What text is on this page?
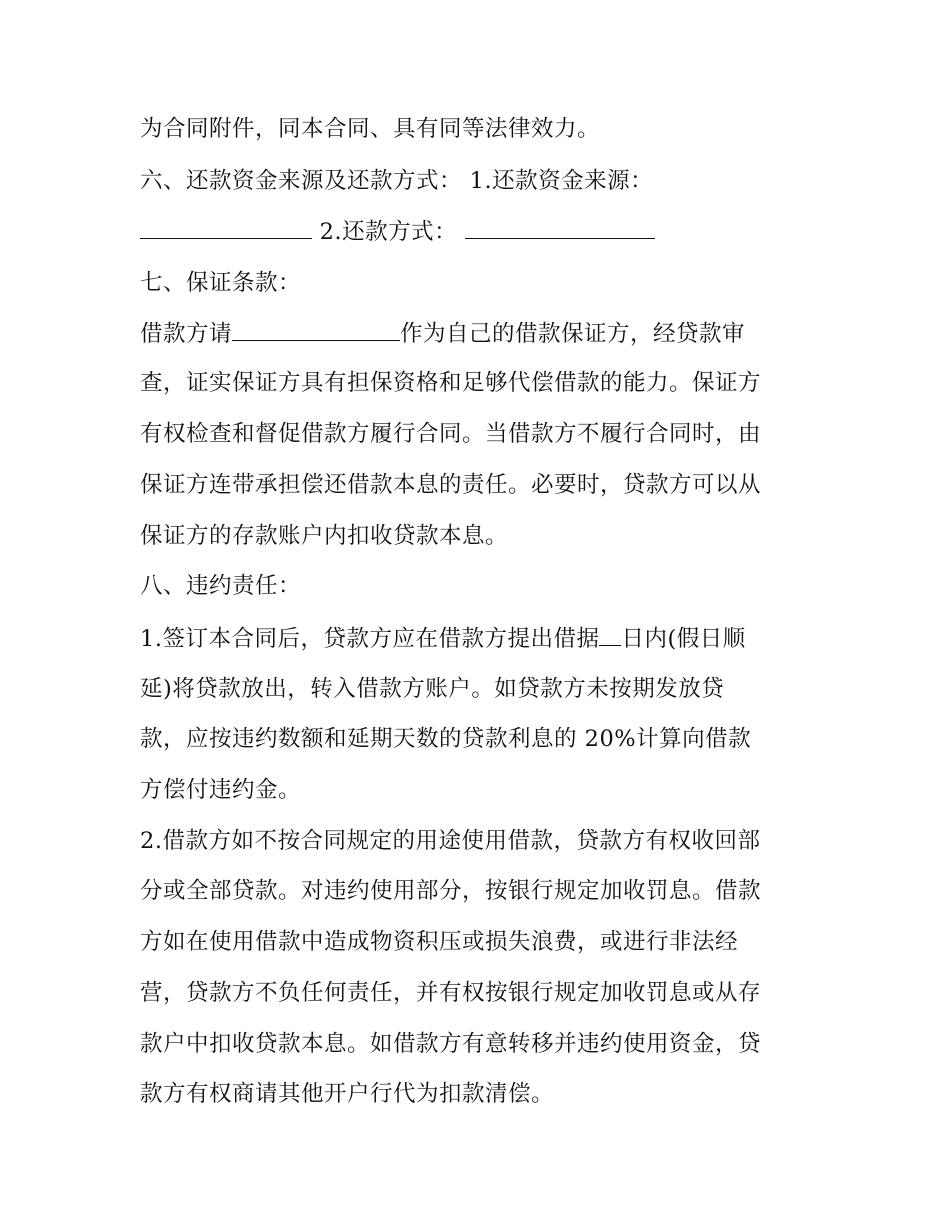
为合同附件，同本合同、具有同等法律效力。
六、还款资金来源及还款方式： 1.还款资金来源：
2.还款方式：
七、保证条款：
借款方请	作为自己的借款保证方，经贷款审
查，证实保证方具有担保资格和足够代偿借款的能力。保证方
有权检查和督促借款方履行合同。当借款方不履行合同时，由
保证方连带承担偿还借款本息的责任。必要时，贷款方可以从
保证方的存款账户内扣收贷款本息。
八、违约责任：
1.签订本合同后，贷款方应在借款方提出借据 日内(假日顺
延)将贷款放出，转入借款方账户。如贷款方未按期发放贷
款，应按违约数额和延期天数的贷款利息的 20%计算向借款
方偿付违约金。
2.借款方如不按合同规定的用途使用借款，贷款方有权收回部
分或全部贷款。对违约使用部分，按银行规定加收罚息。借款
方如在使用借款中造成物资积压或损失浪费，或进行非法经
营，贷款方不负任何责任，并有权按银行规定加收罚息或从存
款户中扣收贷款本息。如借款方有意转移并违约使用资金，贷
款方有权商请其他开户行代为扣款清偿。
